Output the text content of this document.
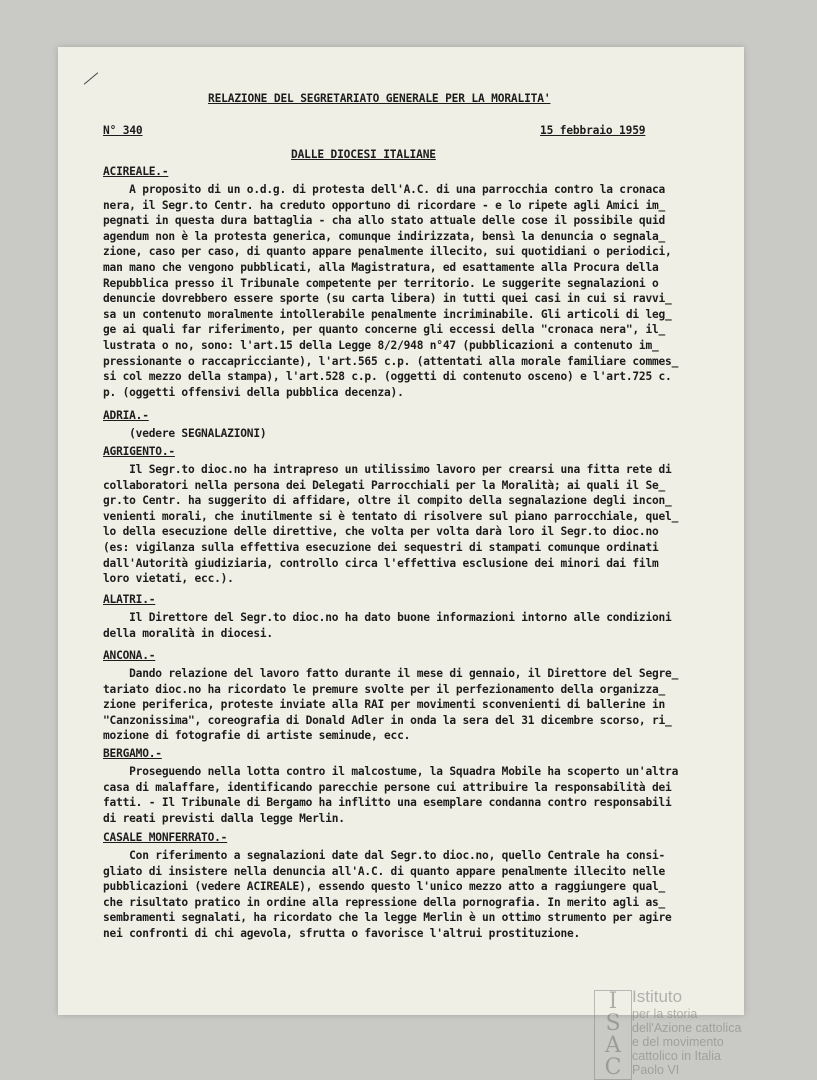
RELAZIONE DEL SEGRETARIATO GENERALE PER LA MORALITA'
N° 340	15 febbraio 1959
DALLE DIOCESI ITALIANE
ACIREALE.-
A proposito di un o.d.g. di protesta dell'A.C. di una parrocchia contro la cronaca
nera, il Segr.to Centr. ha creduto opportuno di ricordare - e lo ripete agli Amici im_
pegnati in questa dura battaglia - cha allo stato attuale delle cose il possibile quid
agendum non è la protesta generica, comunque indirizzata, bensì la denuncia o segnala_
zione, caso per caso, di quanto appare penalmente illecito, sui quotidiani o periodici,
man mano che vengono pubblicati, alla Magistratura, ed esattamente alla Procura della
Repubblica presso il Tribunale competente per territorio. Le suggerite segnalazioni o
denuncie dovrebbero essere sporte (su carta libera) in tutti quei casi in cui si ravvi_
sa un contenuto moralmente intollerabile penalmente incriminabile. Gli articoli di leg_
ge ai quali far riferimento, per quanto concerne gli eccessi della "cronaca nera", il_
lustrata o no, sono: l'art.15 della Legge 8/2/948 n°47 (pubblicazioni a contenuto im_
pressionante o raccapricciante), l'art.565 c.p. (attentati alla morale familiare commes_
si col mezzo della stampa), l'art.528 c.p. (oggetti di contenuto osceno) e l'art.725 c.
p. (oggetti offensivi della pubblica decenza).
ADRIA.-
(vedere SEGNALAZIONI)
AGRIGENTO.-
Il Segr.to dioc.no ha intrapreso un utilissimo lavoro per crearsi una fitta rete di
collaboratori nella persona dei Delegati Parrocchiali per la Moralità; ai quali il Se_
gr.to Centr. ha suggerito di affidare, oltre il compito della segnalazione degli incon_
venienti morali, che inutilmente si è tentato di risolvere sul piano parrocchiale, quel_
lo della esecuzione delle direttive, che volta per volta darà loro il Segr.to dioc.no
(es: vigilanza sulla effettiva esecuzione dei sequestri di stampati comunque ordinati
dall'Autorità giudiziaria, controllo circa l'effettiva esclusione dei minori dai film
loro vietati, ecc.).
ALATRI.-
Il Direttore del Segr.to dioc.no ha dato buone informazioni intorno alle condizioni
della moralità in diocesi.
ANCONA.-
Dando relazione del lavoro fatto durante il mese di gennaio, il Direttore del Segre_
tariato dioc.no ha ricordato le premure svolte per il perfezionamento della organizza_
zione periferica, proteste inviate alla RAI per movimenti sconvenienti di ballerine in
"Canzonissima", coreografia di Donald Adler in onda la sera del 31 dicembre scorso, ri_
mozione di fotografie di artiste seminude, ecc.
BERGAMO.-
Proseguendo nella lotta contro il malcostume, la Squadra Mobile ha scoperto un'altra
casa di malaffare, identificando parecchie persone cui attribuire la responsabilità dei
fatti. - Il Tribunale di Bergamo ha inflitto una esemplare condanna contro responsabili
di reati previsti dalla legge Merlin.
CASALE MONFERRATO.-
Con riferimento a segnalazioni date dal Segr.to dioc.no, quello Centrale ha consi-
gliato di insistere nella denuncia all'A.C. di quanto appare penalmente illecito nelle
pubblicazioni (vedere ACIREALE), essendo questo l'unico mezzo atto a raggiungere qual_
che risultato pratico in ordine alla repressione della pornografia. In merito agli as_
sembramenti segnalati, ha ricordato che la legge Merlin è un ottimo strumento per agire
nei confronti di chi agevola, sfrutta o favorisce l'altrui prostituzione.
I
S
A
C
Istituto
per la storia
dell'Azione cattolica
e del movimento
cattolico in Italia
Paolo VI
